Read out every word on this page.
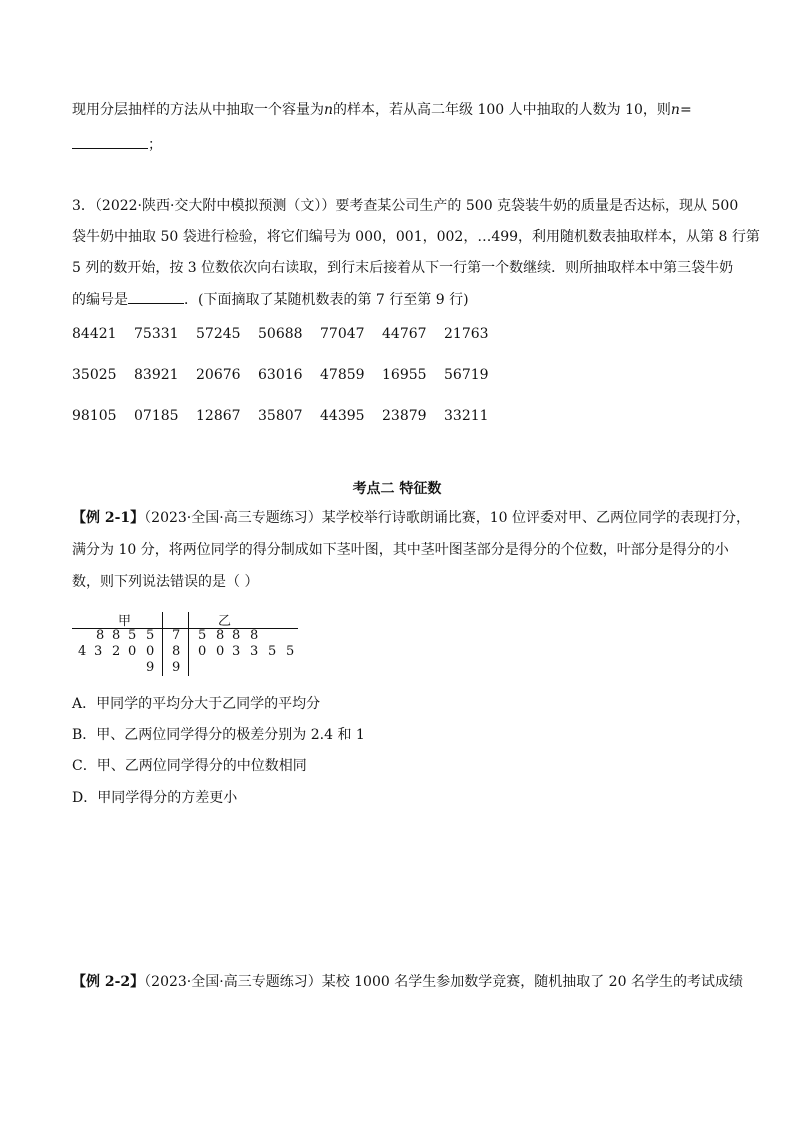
现用分层抽样的方法从中抽取一个容量为n的样本，若从高二年级 100 人中抽取的人数为 10，则n=
；
3．（2022·陕西·交大附中模拟预测（文））要考查某公司生产的 500 克袋装牛奶的质量是否达标，现从 500
袋牛奶中抽取 50 袋进行检验，将它们编号为 000，001，002，…499，利用随机数表抽取样本，从第 8 行第
5 列的数开始，按 3 位数依次向右读取，到行末后接着从下一行第一个数继续．则所抽取样本中第三袋牛奶
的编号是	．(下面摘取了某随机数表的第 7 行至第 9 行)
84421 75331 57245 50688 77047 44767 21763
35025 83921 20676 63016 47859 16955 56719
98105 07185 12867 35807 44395 23879 33211
考点二 特征数
【例 2-1】（2023·全国·高三专题练习）某学校举行诗歌朗诵比赛，10 位评委对甲、乙两位同学的表现打分，
满分为 10 分，将两位同学的得分制成如下茎叶图，其中茎叶图茎部分是得分的个位数，叶部分是得分的小
数，则下列说法错误的是（ ）
甲	乙
8 8 5 5 7 5 8 8 8
4 3 2 0 0 8 0 0 3 3 5 5
9 9
A．甲同学的平均分大于乙同学的平均分
B．甲、乙两位同学得分的极差分别为 2.4 和 1
C．甲、乙两位同学得分的中位数相同
D．甲同学得分的方差更小
【例 2-2】（2023·全国·高三专题练习）某校 1000 名学生参加数学竞赛，随机抽取了 20 名学生的考试成绩
